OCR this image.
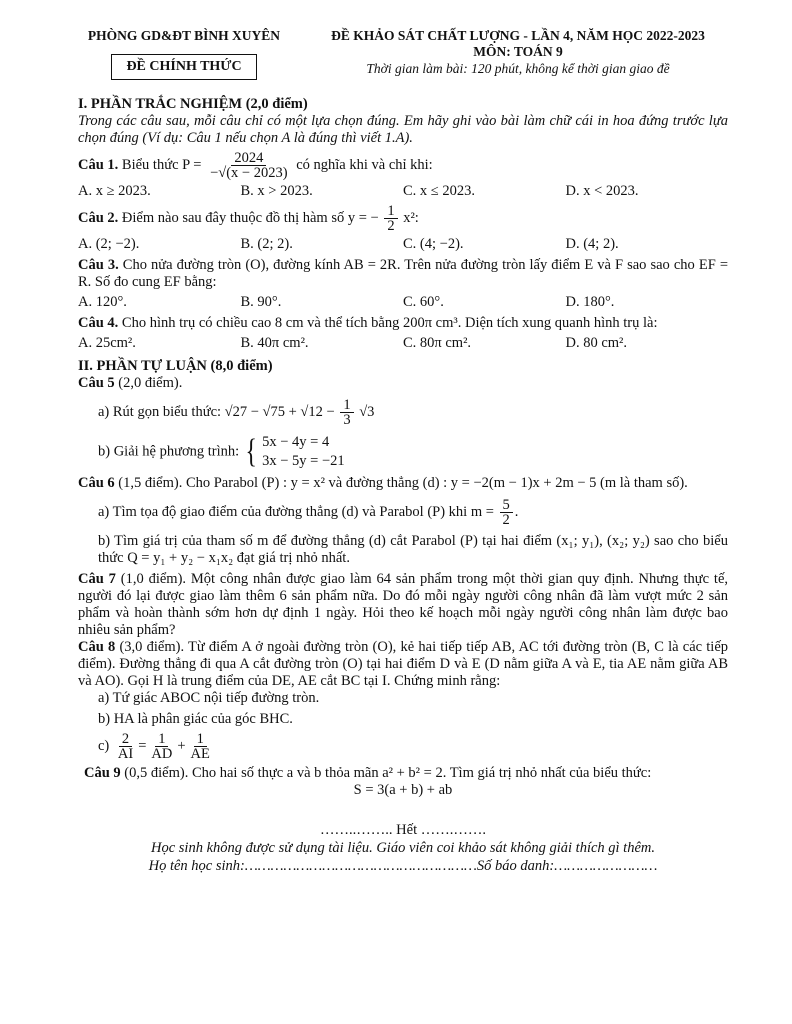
PHÒNG GD&ĐT BÌNH XUYÊN
ĐỀ CHÍNH THỨC
ĐỀ KHẢO SÁT CHẤT LƯỢNG - LẦN 4, NĂM HỌC 2022-2023
MÔN: TOÁN 9
Thời gian làm bài: 120 phút, không kể thời gian giao đề
I. PHẦN TRẮC NGHIỆM (2,0 điểm)

Trong các câu sau, mỗi câu chỉ có một lựa chọn đúng. Em hãy ghi vào bài làm chữ cái in hoa đứng trước lựa chọn đúng (Ví dụ: Câu 1 nếu chọn A là đúng thì viết 1.A).

Câu 1. Biểu thức $P = \frac{2024}{-√(x - 2023)}$ có nghĩa khi và chỉ khi:

A. x ≥ 2023.	B. x > 2023.	C. x ≤ 2023.	D. x < 2023.

Câu 2. Điểm nào sau đây thuộc đồ thị hàm số y = − $\frac{1}{2} x^2$:

A. (2; −2).	B. (2; 2).	C. (4; −2).	D. (4; 2).

Câu 3. Cho nửa đường tròn (O), đường kính AB = 2R. Trên nửa đường tròn lấy điểm E và F sao sao cho EF = R. Số đo cung EF bằng:

A. 120°.	B. 90°.	C. 60°.	D. 180°.

Câu 4. Cho hình trụ có chiều cao 8 cm và thể tích bằng 200π cm³. Diện tích xung quanh hình trụ là:

A. 25cm².	B. 40π cm².	C. 80π cm².	D. 80 cm².
II. PHẦN TỰ LUẬN (8,0 điểm)

Câu 5 (2,0 điểm).

a) Rút gọn biểu thức: $√27 - √75 + √12 - \frac{1}{3} √3$

b) Giải hệ phương trình: { 5x − 4y = 4
3x − 5y = −21

Câu 6 (1,5 điểm). Cho Parabol (P) : y = x² và đường thẳng (d) : y = −2(m − 1)x + 2m − 5 (m là tham số).

a) Tìm tọa độ giao điểm của đường thẳng (d) và Parabol (P) khi $m = \frac{5}{2}$ .

b) Tìm giá trị của tham số m để đường thẳng (d) cắt Parabol (P) tại hai điểm (x₁; y₁), (x₂; y₂) sao cho biểu thức Q = y₁ + y₂ − x₁x₂ đạt giá trị nhỏ nhất.

Câu 7 (1,0 điểm). Một công nhân được giao làm 64 sản phẩm trong một thời gian quy định. Nhưng thực tế, người đó lại được giao làm thêm 6 sản phẩm nữa. Do đó mỗi ngày người công nhân đã làm vượt mức 2 sản phẩm và hoàn thành sớm hơn dự định 1 ngày. Hỏi theo kế hoạch mỗi ngày người công nhân làm được bao nhiêu sản phẩm?

Câu 8 (3,0 điểm). Từ điểm A ở ngoài đường tròn (O), kẻ hai tiếp tiếp AB, AC tới đường tròn (B, C là các tiếp điểm). Đường thẳng đi qua A cắt đường tròn (O) tại hai điểm D và E (D nằm giữa A và E, tia AE nằm giữa AB và AO). Gọi H là trung điểm của DE, AE cắt BC tại I. Chứng minh rằng:

a) Tứ giác ABOC nội tiếp đường tròn.

b) HA là phân giác của góc BHC.

$c) \frac{2}{AI} = \frac{1}{AD} + \frac{1}{AE}$

Câu 9 (0,5 điểm). Cho hai số thực a và b thỏa mãn a² + b² = 2. Tìm giá trị nhỏ nhất của biểu thức:

S = 3(a + b) + ab

……..…….. Hết …….…….

Học sinh không được sử dụng tài liệu. Giáo viên coi khảo sát không giải thích gì thêm.

Họ tên học sinh:………………………………………………Số báo danh:……………………
